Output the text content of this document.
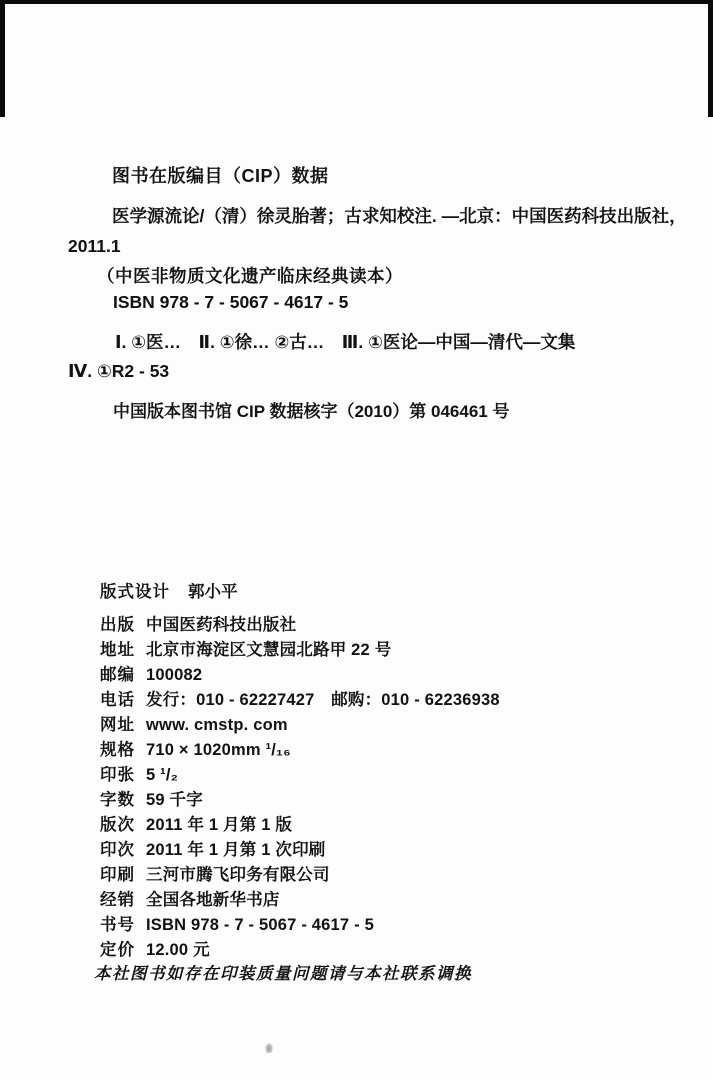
图书在版编目（CIP）数据
医学源流论/（清）徐灵胎著；古求知校注. —北京：中国医药科技出版社，
2011.1
（中医非物质文化遗产临床经典读本）
ISBN 978 - 7 - 5067 - 4617 - 5
Ⅰ. ①医…　Ⅱ. ①徐… ②古…　Ⅲ. ①医论—中国—清代—文集
Ⅳ. ①R2 - 53
中国版本图书馆 CIP 数据核字（2010）第 046461 号
版式设计 郭小平
出版 中国医药科技出版社
地址 北京市海淀区文慧园北路甲 22 号
邮编 100082
电话 发行：010 - 62227427　邮购：010 - 62236938
网址 www. cmstp. com
规格 710 × 1020mm ¹/₁₆
印张 5 ¹/₂
字数 59 千字
版次 2011 年 1 月第 1 版
印次 2011 年 1 月第 1 次印刷
印刷 三河市腾飞印务有限公司
经销 全国各地新华书店
书号 ISBN 978 - 7 - 5067 - 4617 - 5
定价 12.00 元
本社图书如存在印装质量问题请与本社联系调换
